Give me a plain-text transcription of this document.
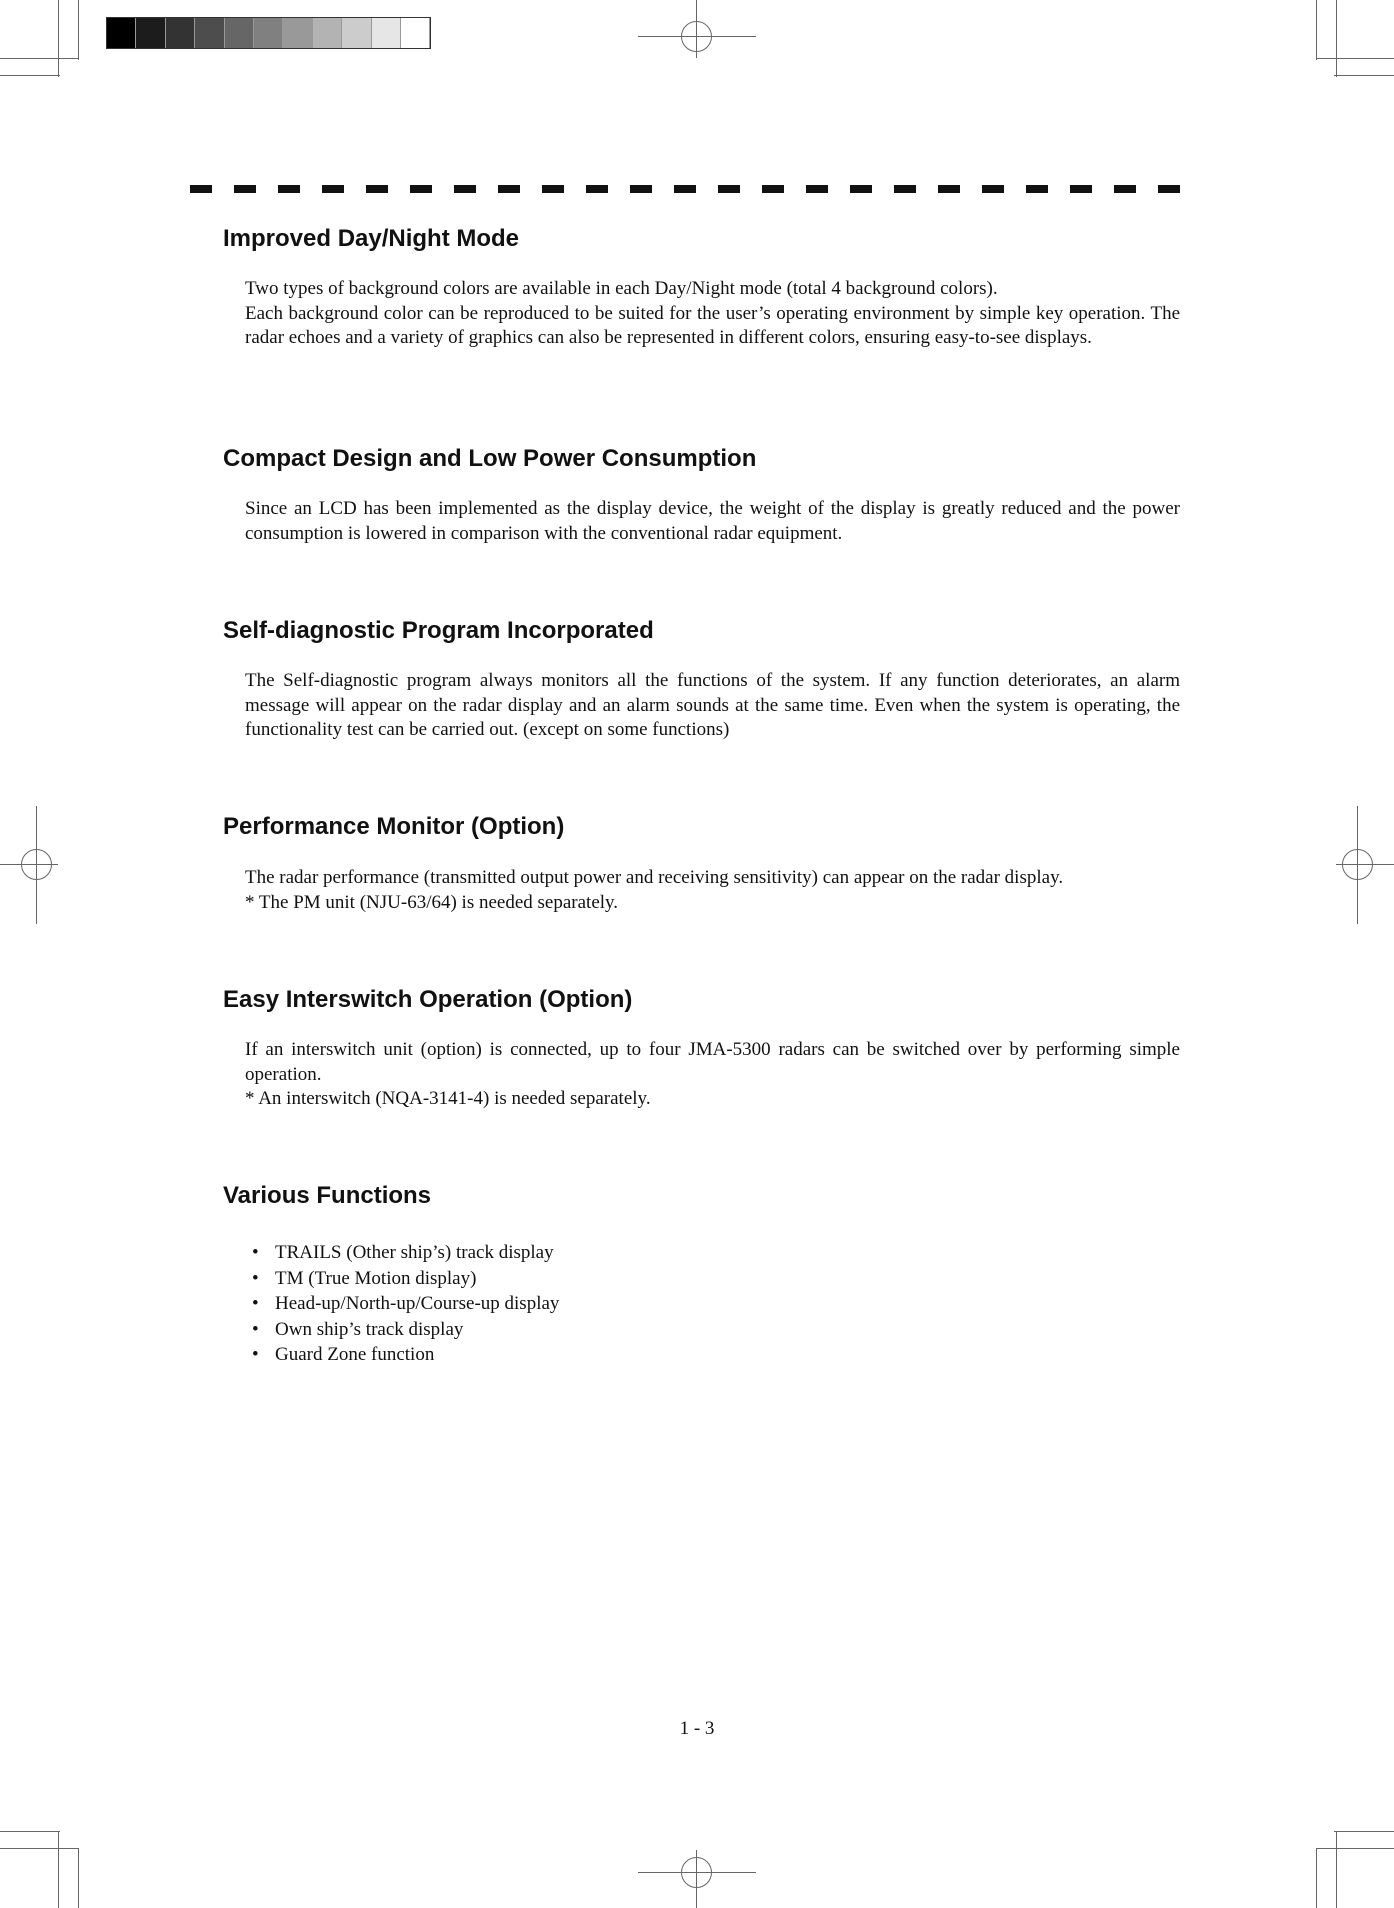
Improved Day/Night Mode
Two types of background colors are available in each Day/Night mode (total 4 background colors).
Each background color can be reproduced to be suited for the user’s operating environment by simple key operation. The radar echoes and a variety of graphics can also be represented in different colors, ensuring easy-to-see displays.
Compact Design and Low Power Consumption
Since an LCD has been implemented as the display device, the weight of the display is greatly reduced and the power consumption is lowered in comparison with the conventional radar equipment.
Self-diagnostic Program Incorporated
The Self-diagnostic program always monitors all the functions of the system. If any function deteriorates, an alarm message will appear on the radar display and an alarm sounds at the same time. Even when the system is operating, the functionality test can be carried out. (except on some functions)
Performance Monitor (Option)
The radar performance (transmitted output power and receiving sensitivity) can appear on the radar display.
* The PM unit (NJU-63/64) is needed separately.
Easy Interswitch Operation (Option)
If an interswitch unit (option) is connected, up to four JMA-5300 radars can be switched over by performing simple operation.
* An interswitch (NQA-3141-4) is needed separately.
Various Functions
• TRAILS (Other ship’s) track display
• TM (True Motion display)
• Head-up/North-up/Course-up display
• Own ship’s track display
• Guard Zone function
1 - 3
